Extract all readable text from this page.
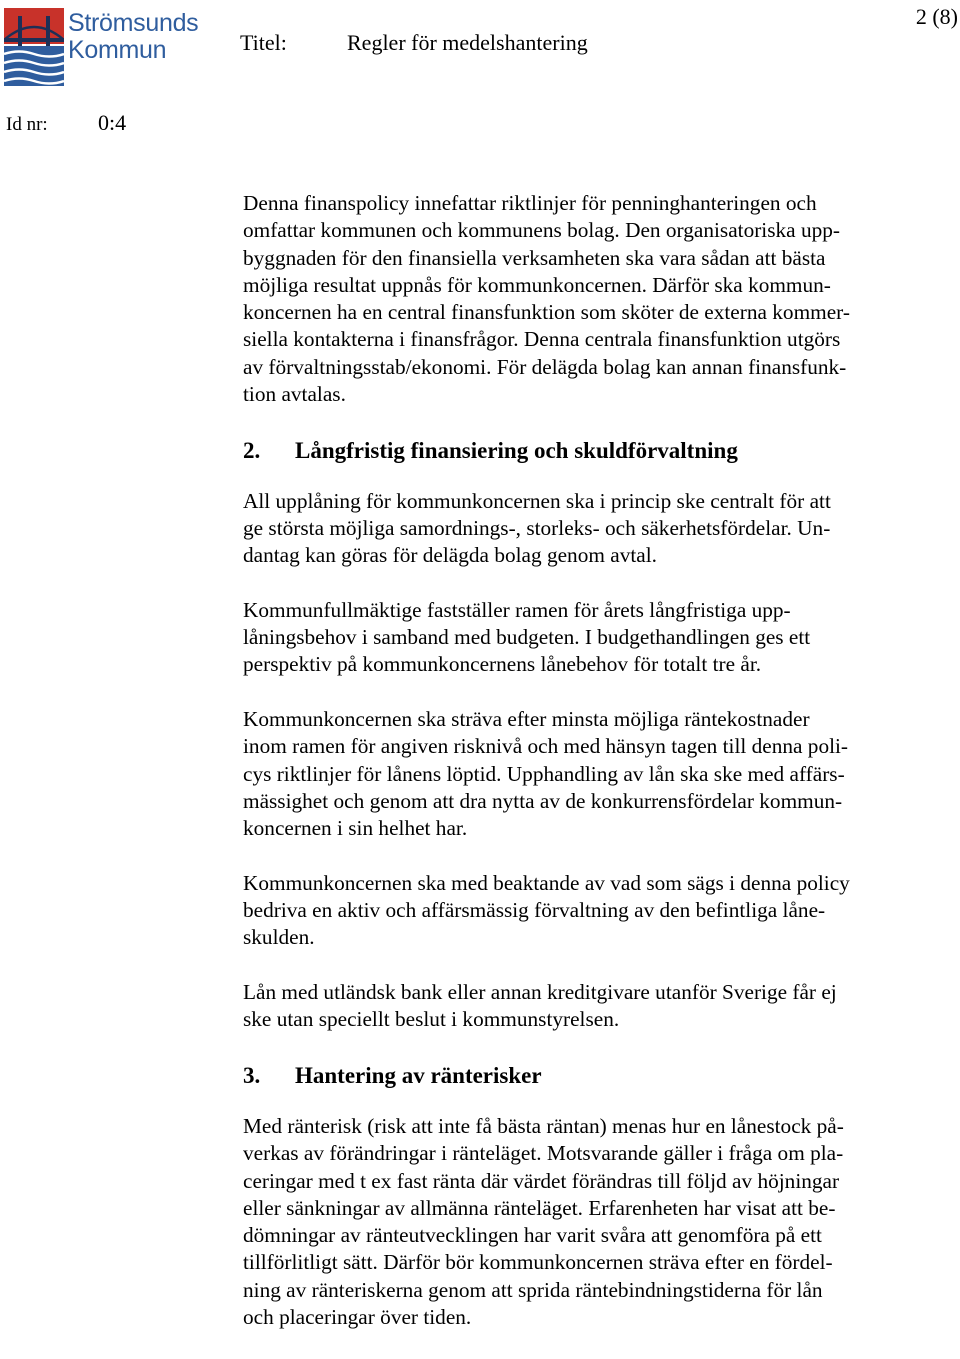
Strömsunds
Kommun	Titel:	Regler för medelshantering
2 (8)
Id nr: 0:4
Denna finanspolicy innefattar riktlinjer för penninghanteringen och
omfattar kommunen och kommunens bolag. Den organisatoriska upp-
byggnaden för den finansiella verksamheten ska vara sådan att bästa
möjliga resultat uppnås för kommunkoncernen. Därför ska kommun-
koncernen ha en central finansfunktion som sköter de externa kommer-
siella kontakterna i finansfrågor. Denna centrala finansfunktion utgörs
av förvaltningsstab/ekonomi. För delägda bolag kan annan finansfunk-
tion avtalas.
2. Långfristig finansiering och skuldförvaltning
All upplåning för kommunkoncernen ska i princip ske centralt för att
ge största möjliga samordnings-, storleks- och säkerhetsfördelar. Un-
dantag kan göras för delägda bolag genom avtal.
Kommunfullmäktige fastställer ramen för årets långfristiga upp-
låningsbehov i samband med budgeten. I budgethandlingen ges ett
perspektiv på kommunkoncernens lånebehov för totalt tre år.
Kommunkoncernen ska sträva efter minsta möjliga räntekostnader
inom ramen för angiven risknivå och med hänsyn tagen till denna poli-
cys riktlinjer för lånens löptid. Upphandling av lån ska ske med affärs-
mässighet och genom att dra nytta av de konkurrensfördelar kommun-
koncernen i sin helhet har.
Kommunkoncernen ska med beaktande av vad som sägs i denna policy
bedriva en aktiv och affärsmässig förvaltning av den befintliga låne-
skulden.
Lån med utländsk bank eller annan kreditgivare utanför Sverige får ej
ske utan speciellt beslut i kommunstyrelsen.
3. Hantering av ränterisker
Med ränterisk (risk att inte få bästa räntan) menas hur en lånestock på-
verkas av förändringar i ränteläget. Motsvarande gäller i fråga om pla-
ceringar med t ex fast ränta där värdet förändras till följd av höjningar
eller sänkningar av allmänna ränteläget. Erfarenheten har visat att be-
dömningar av ränteutvecklingen har varit svåra att genomföra på ett
tillförlitligt sätt. Därför bör kommunkoncernen sträva efter en fördel-
ning av ränteriskerna genom att sprida räntebindningstiderna för lån
och placeringar över tiden.
